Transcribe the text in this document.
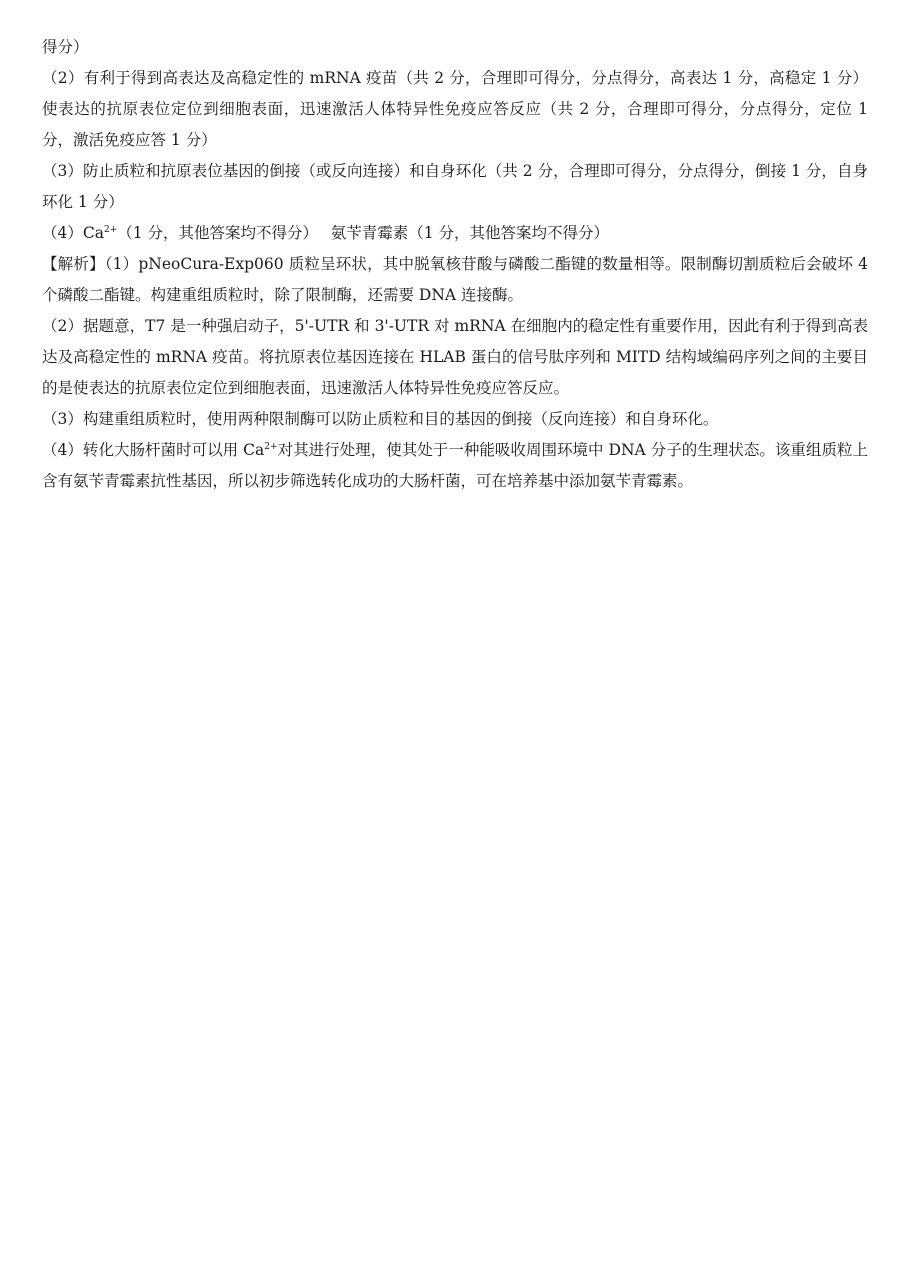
得分）

（2）有利于得到高表达及高稳定性的 mRNA 疫苗（共 2 分，合理即可得分，分点得分，高表达 1 分，高稳定 1 分）使表达的抗原表位定位到细胞表面，迅速激活人体特异性免疫应答反应（共 2 分，合理即可得分，分点得分，定位 1 分，激活免疫应答 1 分）

（3）防止质粒和抗原表位基因的倒接（或反向连接）和自身环化（共 2 分，合理即可得分，分点得分，倒接 1 分，自身环化 1 分）

$(4)Ca^{2+}(1$ 分，其他答案均不得分）　 氨苄青霉素（1 分，其他答案均不得分）

【解析】（1）pNeoCura-Exp060 质粒呈环状，其中脱氧核苷酸与磷酸二酯键的数量相等。限制酶切割质粒后会破坏 4 个磷酸二酯键。构建重组质粒时，除了限制酶，还需要 DNA 连接酶。

（2）据题意，T7 是一种强启动子，5'-UTR 和 3'-UTR 对 mRNA 在细胞内的稳定性有重要作用，因此有利于得到高表达及高稳定性的 mRNA 疫苗。将抗原表位基因连接在 HLAB 蛋白的信号肽序列和 MITD 结构域编码序列之间的主要目的是使表达的抗原表位定位到细胞表面，迅速激活人体特异性免疫应答反应。

（3）构建重组质粒时，使用两种限制酶可以防止质粒和目的基因的倒接（反向连接）和自身环化。

（4）转化大肠杆菌时可以用 $Ca^{2+}$对其进行处理，使其处于一种能吸收周围环境中 DNA 分子的生理状态。该重组质粒上含有氨苄青霉素抗性基因，所以初步筛选转化成功的大肠杆菌，可在培养基中添加氨苄青霉素。
